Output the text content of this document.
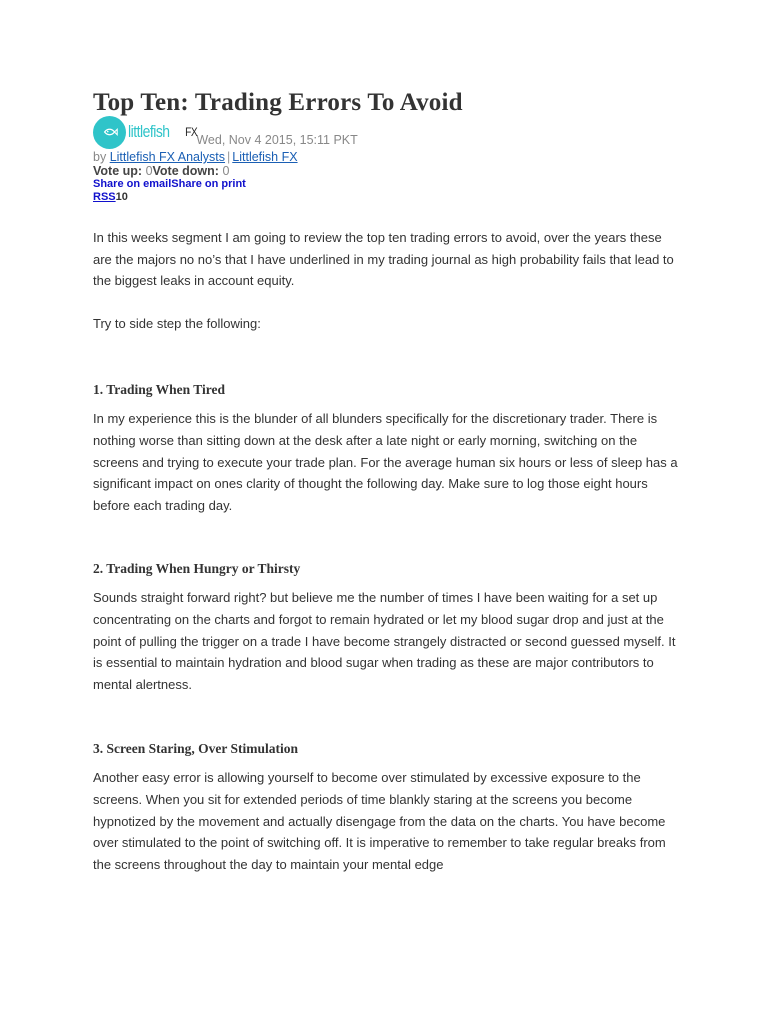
Top Ten: Trading Errors To Avoid
littlefish	FX
Wed, Nov 4 2015, 15:11 PKT
by Littlefish FX Analysts | Littlefish FX
Vote up: 0Vote down: 0
Share on emailShare on print
RSS10

In this weeks segment I am going to review the top ten trading errors to avoid, over the years these are the majors no no’s that I have underlined in my trading journal as high probability fails that lead to the biggest leaks in account equity.

Try to side step the following:

1. Trading When Tired

In my experience this is the blunder of all blunders specifically for the discretionary trader. There is nothing worse than sitting down at the desk after a late night or early morning, switching on the screens and trying to execute your trade plan. For the average human six hours or less of sleep has a significant impact on ones clarity of thought the following day. Make sure to log those eight hours before each trading day.

2. Trading When Hungry or Thirsty

Sounds straight forward right? but believe me the number of times I have been waiting for a set up concentrating on the charts and forgot to remain hydrated or let my blood sugar drop and just at the point of pulling the trigger on a trade I have become strangely distracted or second guessed myself. It is essential to maintain hydration and blood sugar when trading as these are major contributors to mental alertness.

3. Screen Staring, Over Stimulation

Another easy error is allowing yourself to become over stimulated by excessive exposure to the screens. When you sit for extended periods of time blankly staring at the screens you become hypnotized by the movement and actually disengage from the data on the charts. You have become over stimulated to the point of switching off. It is imperative to remember to take regular breaks from the screens throughout the day to maintain your mental edge
